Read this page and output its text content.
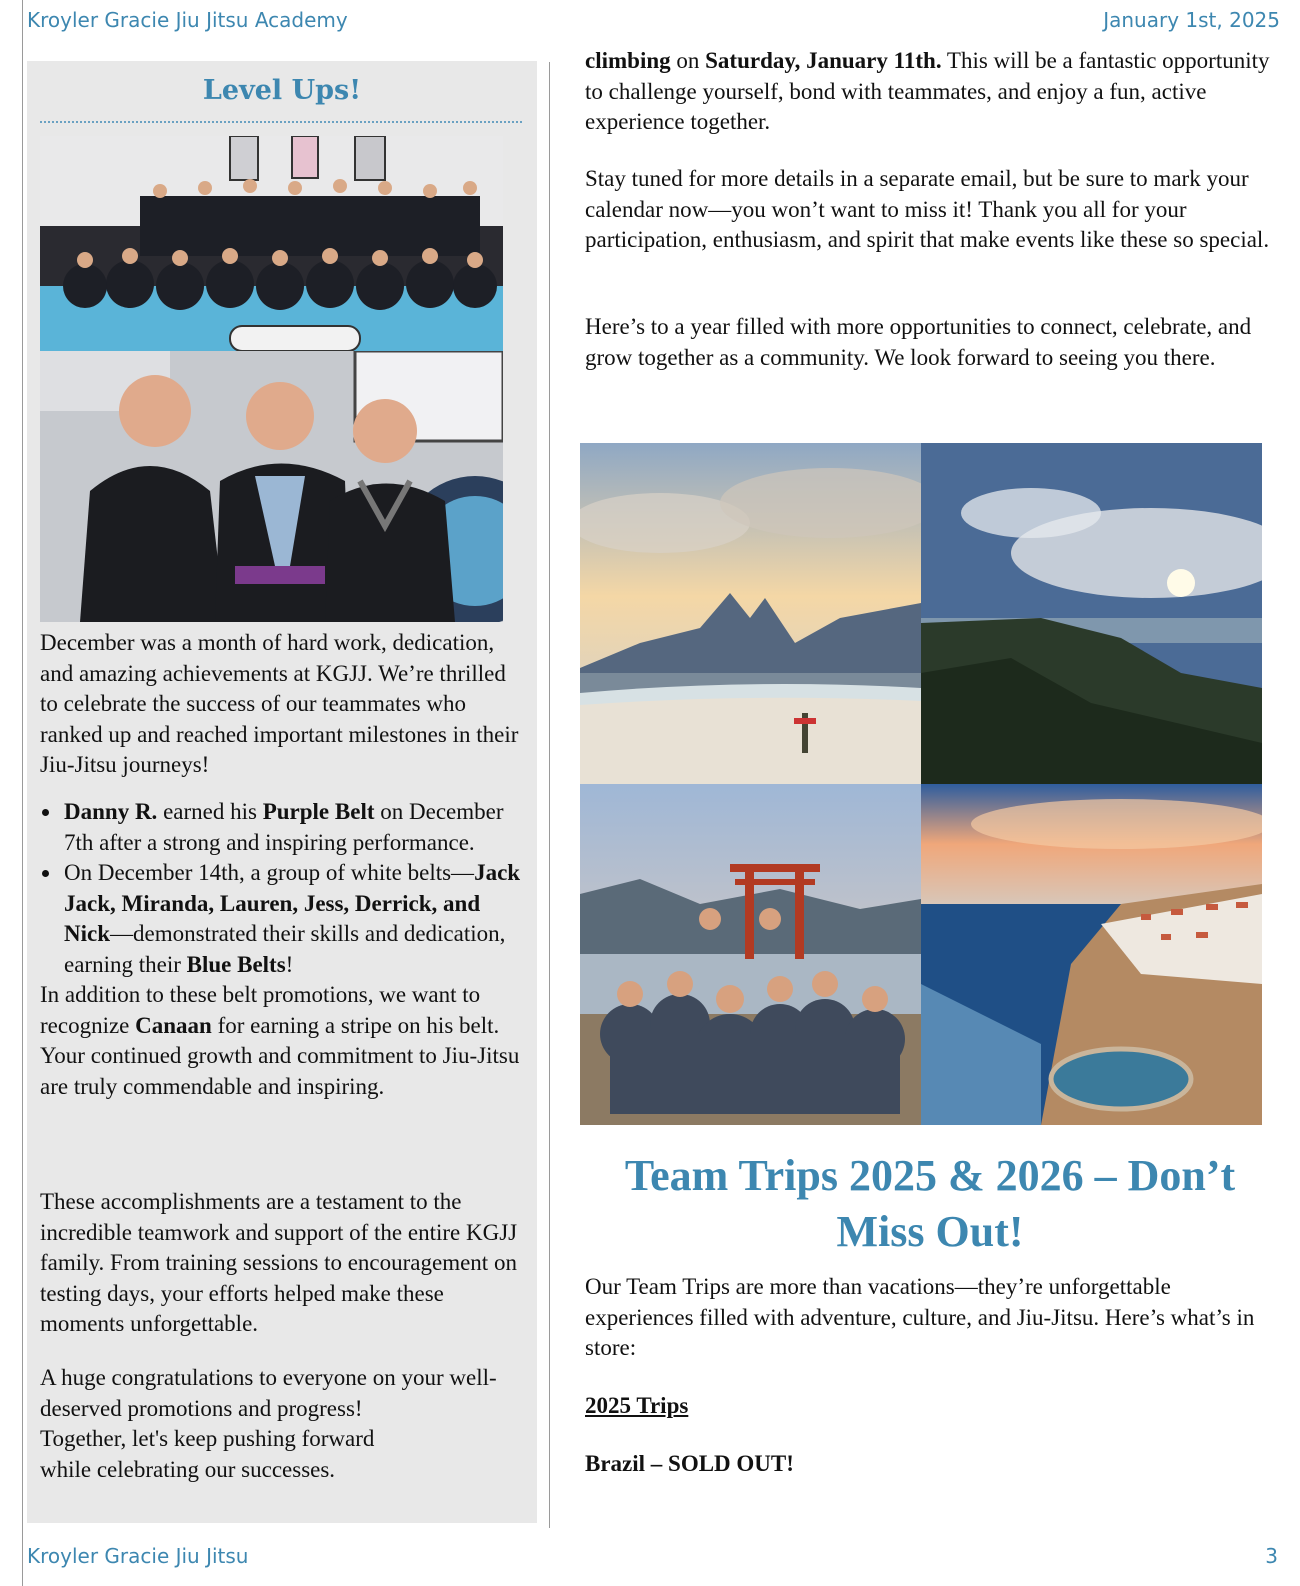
Kroyler Gracie Jiu Jitsu Academy	January 1st, 2025
Level Ups!

December was a month of hard work, dedication, and amazing achievements at KGJJ. We’re thrilled to celebrate the success of our teammates who ranked up and reached important milestones in their Jiu-Jitsu journeys!

• Danny R. earned his Purple Belt on December 7th after a strong and inspiring performance.
• On December 14th, a group of white belts—Jack Jack, Miranda, Lauren, Jess, Derrick, and Nick—demonstrated their skills and dedication, earning their Blue Belts!

In addition to these belt promotions, we want to recognize Canaan for earning a stripe on his belt. Your continued growth and commitment to Jiu-Jitsu are truly commendable and inspiring.

These accomplishments are a testament to the incredible teamwork and support of the entire KGJJ family. From training sessions to encouragement on testing days, your efforts helped make these moments unforgettable.

A huge congratulations to everyone on your well-deserved promotions and progress!

Together, let's keep pushing forward

while celebrating our successes.

climbing on Saturday, January 11th. This will be a fantastic opportunity to challenge yourself, bond with teammates, and enjoy a fun, active experience together.

Stay tuned for more details in a separate email, but be sure to mark your calendar now—you won’t want to miss it! Thank you all for your participation, enthusiasm, and spirit that make events like these so special.

Here’s to a year filled with more opportunities to connect, celebrate, and grow together as a community. We look forward to seeing you there.

Team Trips 2025 & 2026 – Don’t Miss Out!

Our Team Trips are more than vacations—they’re unforgettable experiences filled with adventure, culture, and Jiu-Jitsu. Here’s what’s in store:

2025 Trips

Brazil – SOLD OUT!

Kroyler Gracie Jiu Jitsu	3
